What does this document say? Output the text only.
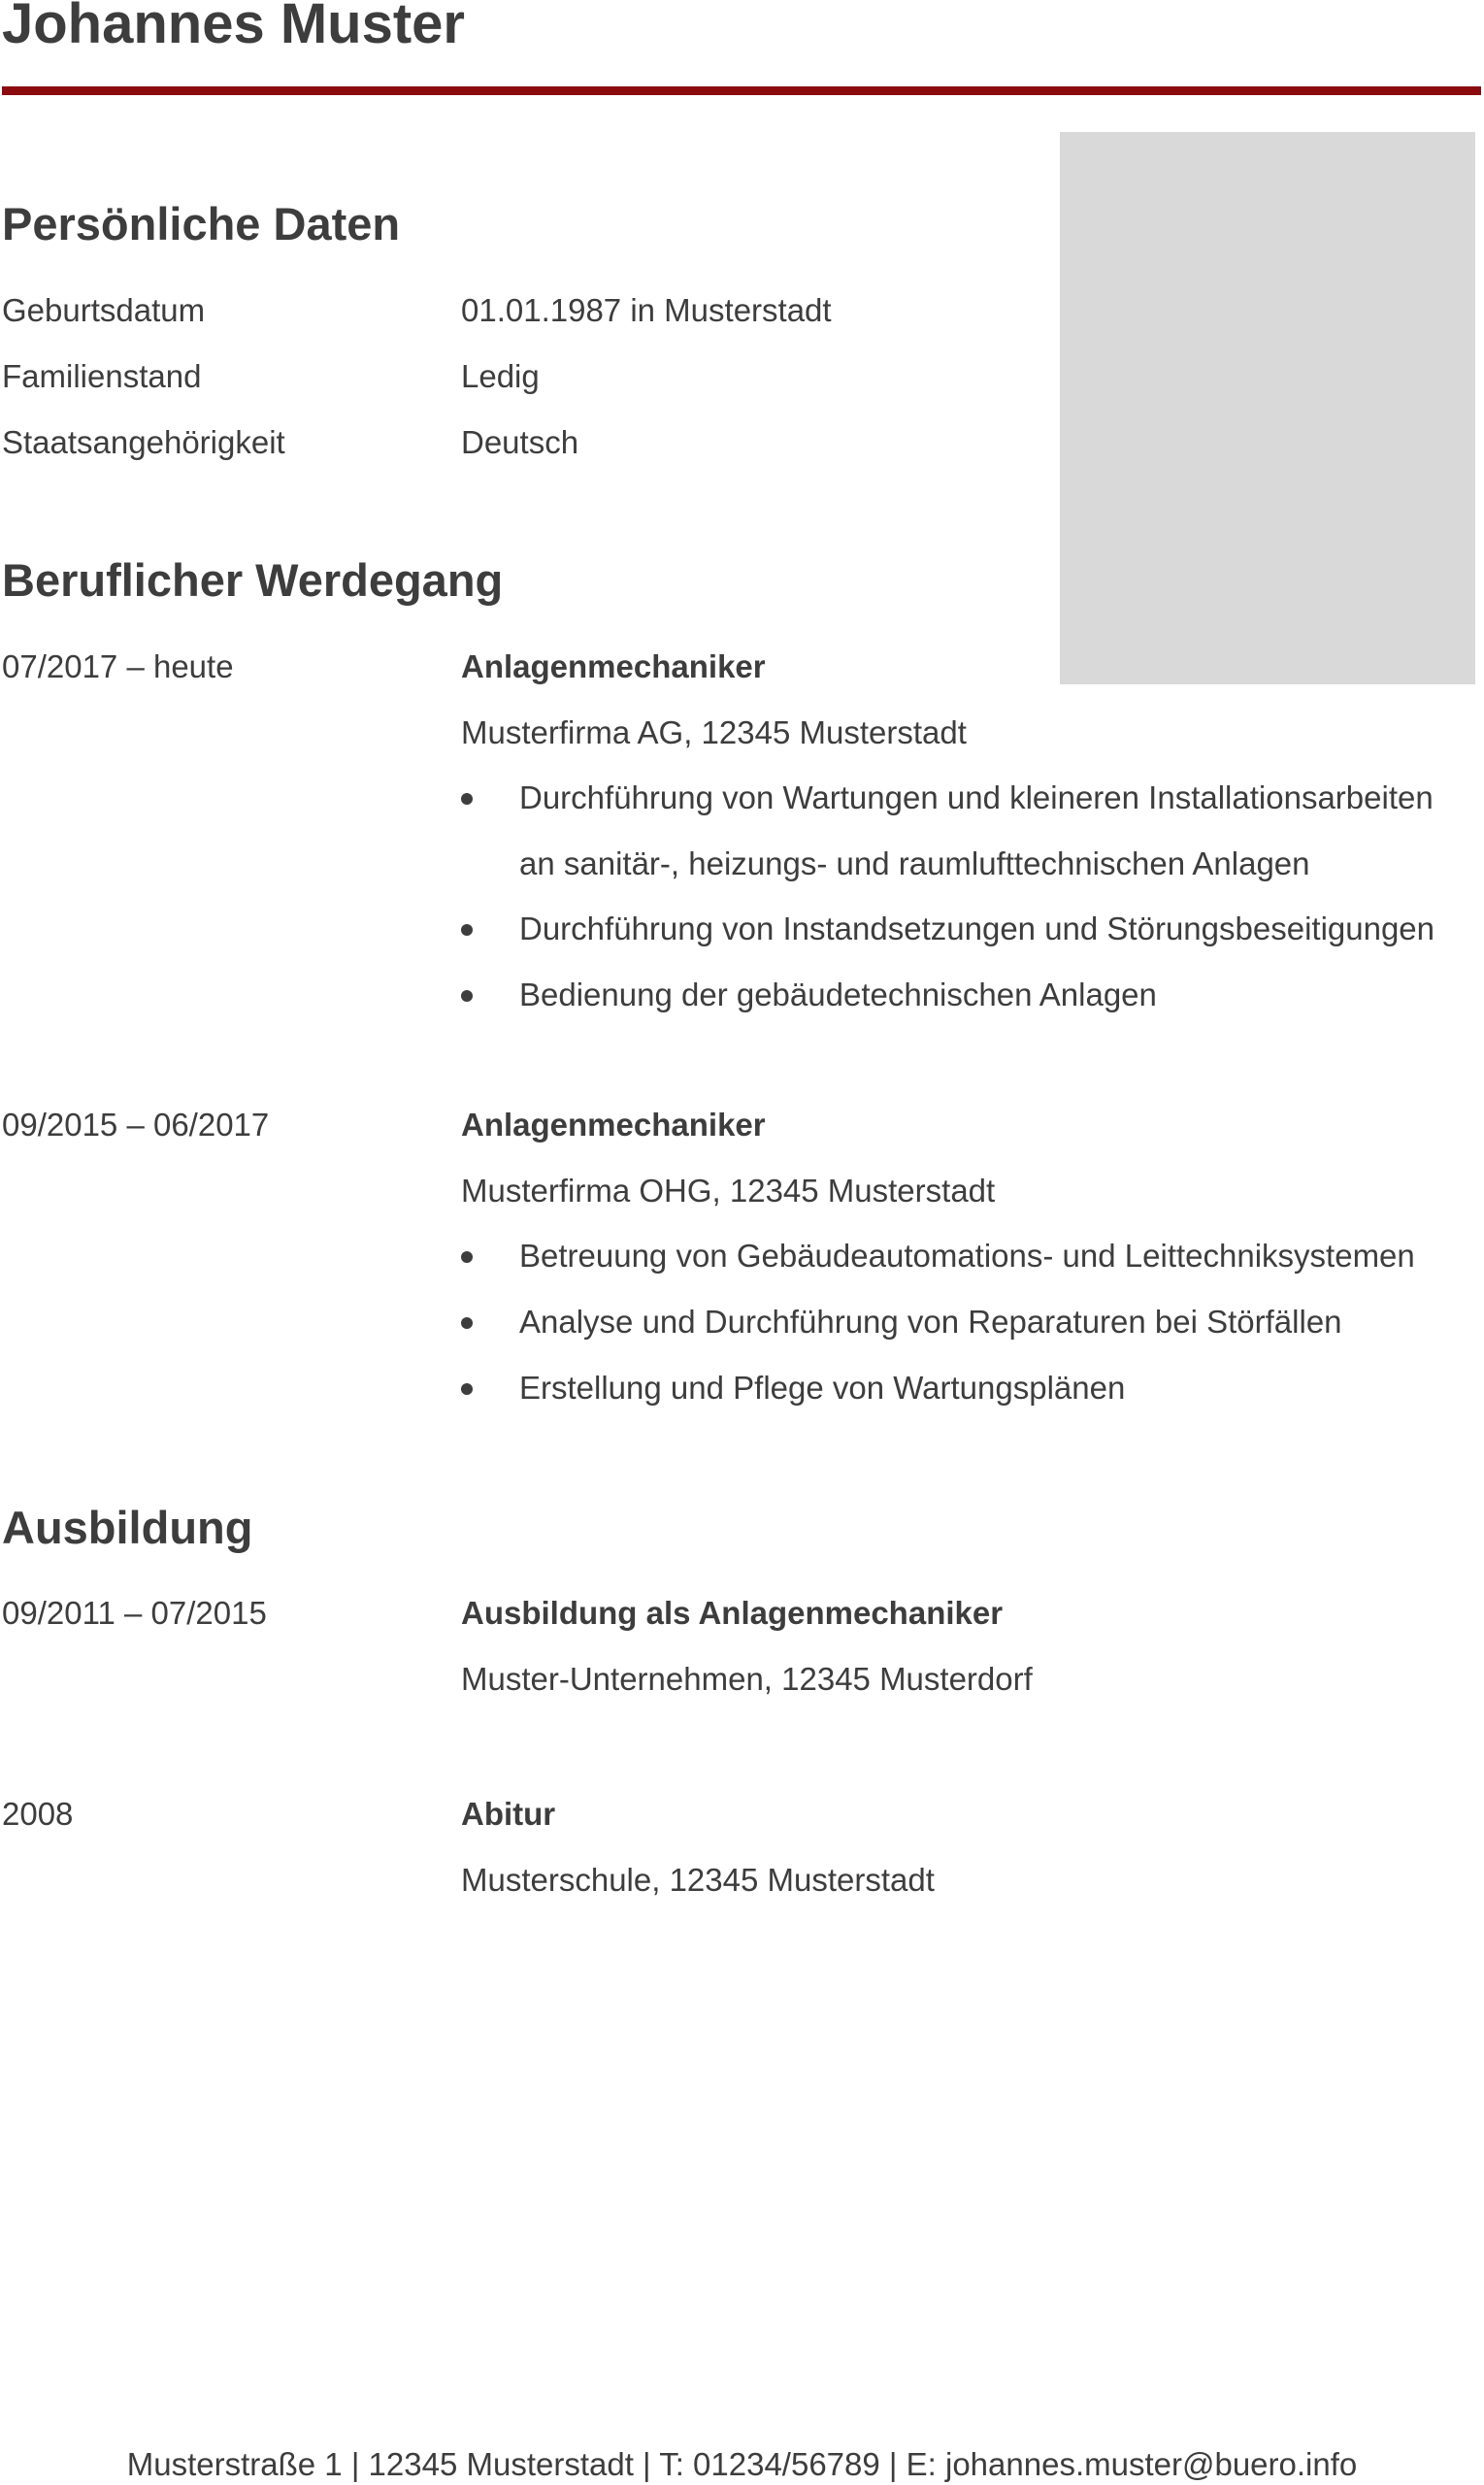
Johannes Muster
Persönliche Daten
Geburtsdatum	01.01.1987 in Musterstadt
Familienstand	Ledig
Staatsangehörigkeit	Deutsch
Beruflicher Werdegang
07/2017 – heute	Anlagenmechaniker
Musterfirma AG, 12345 Musterstadt
Durchführung von Wartungen und kleineren Installationsarbeiten
an sanitär-, heizungs- und raumlufttechnischen Anlagen
Durchführung von Instandsetzungen und Störungsbeseitigungen
Bedienung der gebäudetechnischen Anlagen
09/2015 – 06/2017	Anlagenmechaniker
Musterfirma OHG, 12345 Musterstadt
Betreuung von Gebäudeautomations- und Leittechniksystemen
Analyse und Durchführung von Reparaturen bei Störfällen
Erstellung und Pflege von Wartungsplänen
Ausbildung
09/2011 – 07/2015	Ausbildung als Anlagenmechaniker
Muster-Unternehmen, 12345 Musterdorf
2008	Abitur
Musterschule, 12345 Musterstadt
Musterstraße 1 | 12345 Musterstadt | T: 01234/56789 | E: johannes.muster@buero.info
